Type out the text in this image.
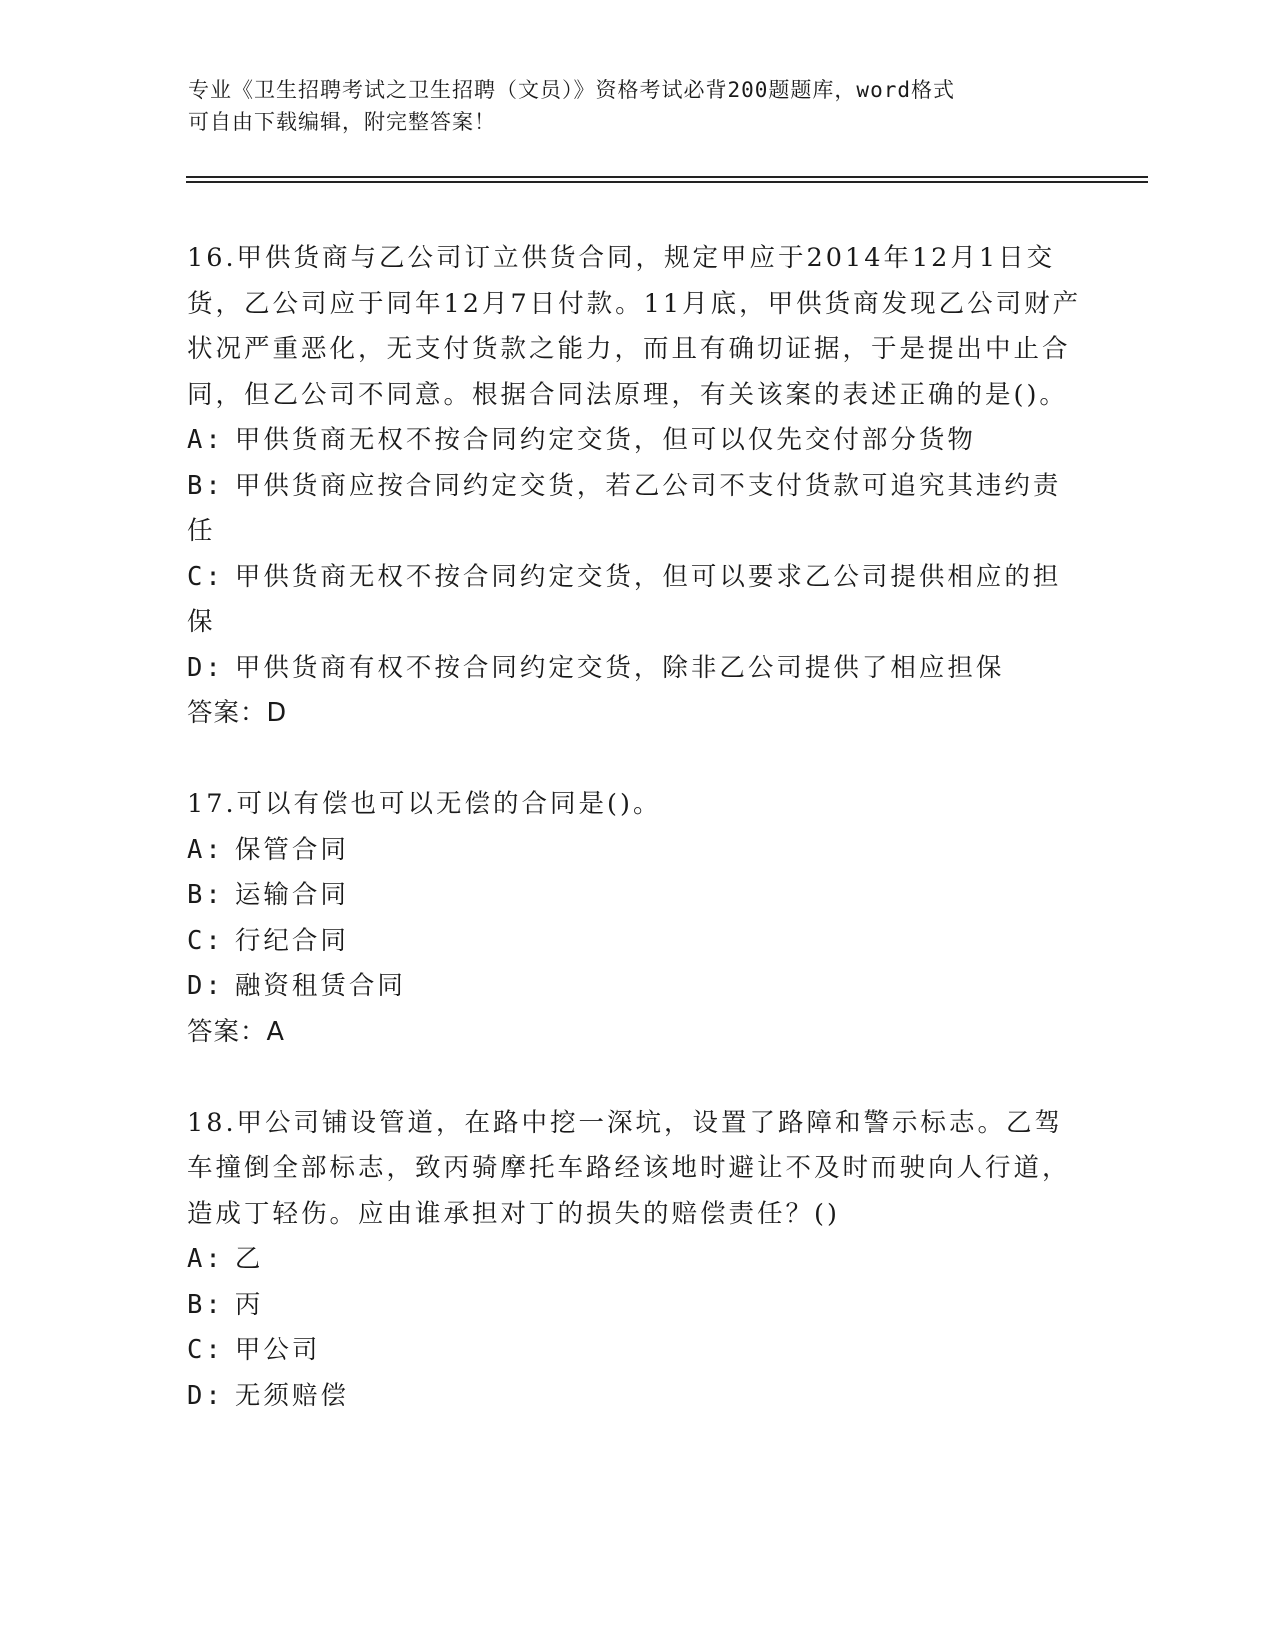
专业《卫生招聘考试之卫生招聘（文员）》资格考试必背200题题库，word格式
可自由下载编辑，附完整答案！

16.甲供货商与乙公司订立供货合同，规定甲应于2014年12月1日交货，乙公司应于同年12月7日付款。11月底，甲供货商发现乙公司财产状况严重恶化，无支付货款之能力，而且有确切证据，于是提出中止合同，但乙公司不同意。根据合同法原理，有关该案的表述正确的是()。

A: 甲供货商无权不按合同约定交货，但可以仅先交付部分货物

B: 甲供货商应按合同约定交货，若乙公司不支付货款可追究其违约责任

C: 甲供货商无权不按合同约定交货，但可以要求乙公司提供相应的担保

D: 甲供货商有权不按合同约定交货，除非乙公司提供了相应担保

答案：D

17.可以有偿也可以无偿的合同是()。

A: 保管合同

B: 运输合同

C: 行纪合同

D: 融资租赁合同

答案：A

18.甲公司铺设管道，在路中挖一深坑，设置了路障和警示标志。乙驾车撞倒全部标志，致丙骑摩托车路经该地时避让不及时而驶向人行道，造成丁轻伤。应由谁承担对丁的损失的赔偿责任？()

A: 乙

B: 丙

C: 甲公司

D: 无须赔偿
